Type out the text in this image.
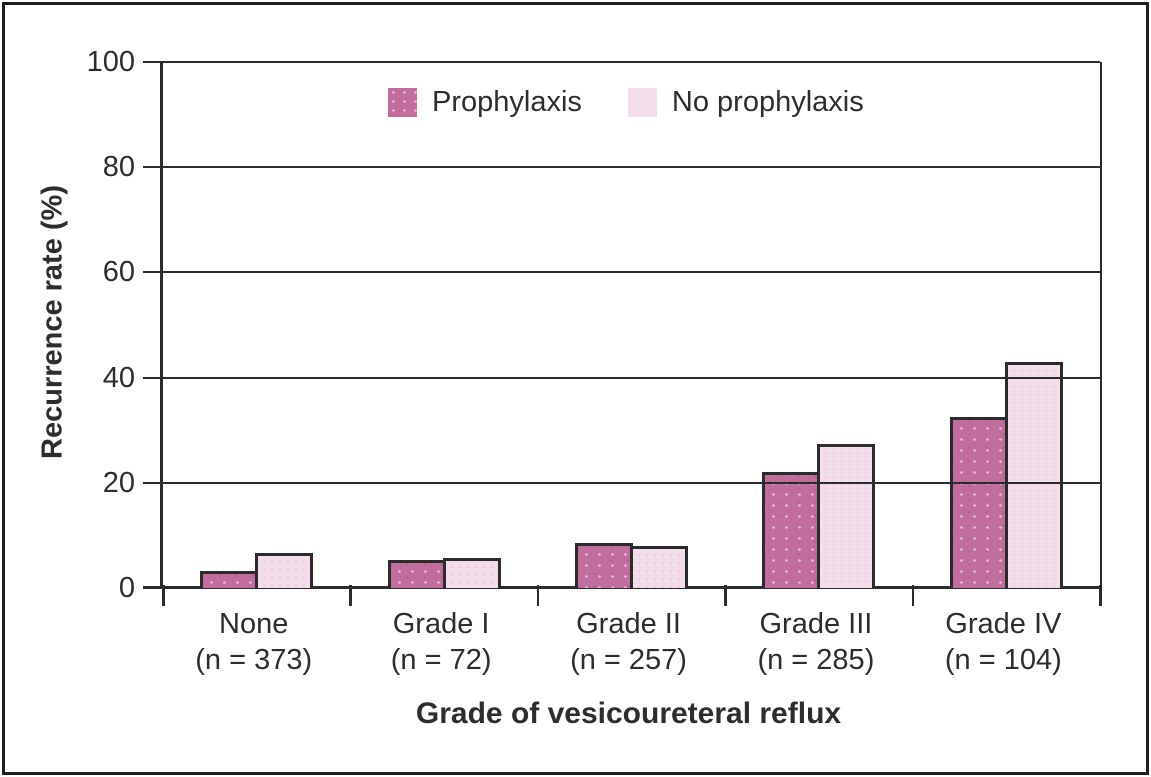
Recurrence rate (%)
0
20
40
60
80
100
Prophylaxis	No prophylaxis
None
(n = 373)
Grade I
(n = 72)
Grade II
(n = 257)
Grade III
(n = 285)
Grade IV
(n = 104)
Grade of vesicoureteral reflux
